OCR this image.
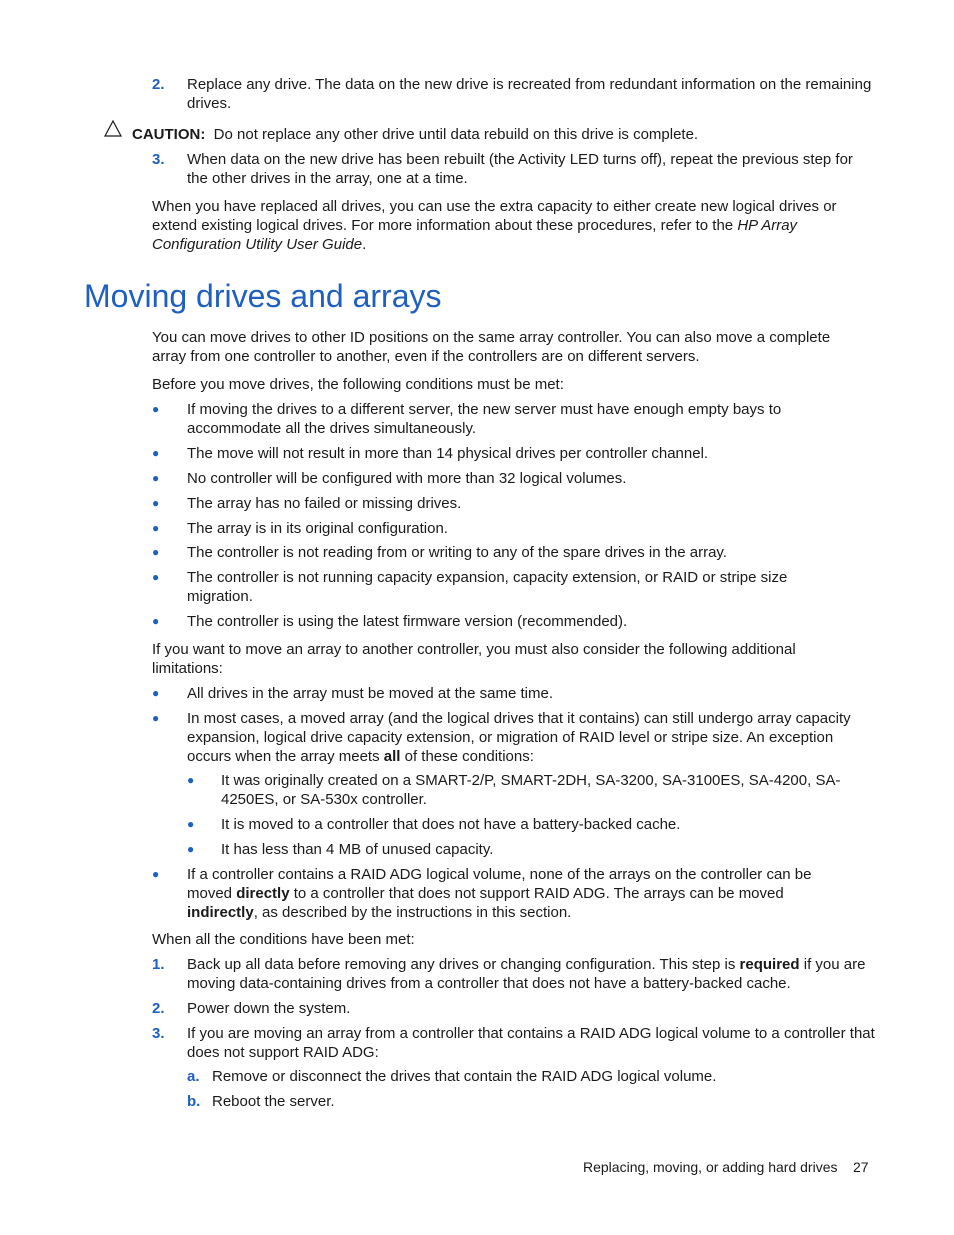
2. Replace any drive. The data on the new drive is recreated from redundant information on the remaining drives.
CAUTION: Do not replace any other drive until data rebuild on this drive is complete.
3. When data on the new drive has been rebuilt (the Activity LED turns off), repeat the previous step for the other drives in the array, one at a time.
When you have replaced all drives, you can use the extra capacity to either create new logical drives or extend existing logical drives. For more information about these procedures, refer to the HP Array Configuration Utility User Guide.
Moving drives and arrays
You can move drives to other ID positions on the same array controller. You can also move a complete array from one controller to another, even if the controllers are on different servers.
Before you move drives, the following conditions must be met:
● If moving the drives to a different server, the new server must have enough empty bays to accommodate all the drives simultaneously.
● The move will not result in more than 14 physical drives per controller channel.
● No controller will be configured with more than 32 logical volumes.
● The array has no failed or missing drives.
● The array is in its original configuration.
● The controller is not reading from or writing to any of the spare drives in the array.
● The controller is not running capacity expansion, capacity extension, or RAID or stripe size migration.
● The controller is using the latest firmware version (recommended).
If you want to move an array to another controller, you must also consider the following additional limitations:
● All drives in the array must be moved at the same time.
● In most cases, a moved array (and the logical drives that it contains) can still undergo array capacity expansion, logical drive capacity extension, or migration of RAID level or stripe size. An exception occurs when the array meets all of these conditions:
● It was originally created on a SMART-2/P, SMART-2DH, SA-3200, SA-3100ES, SA-4200, SA-4250ES, or SA-530x controller.
● It is moved to a controller that does not have a battery-backed cache.
● It has less than 4 MB of unused capacity.
● If a controller contains a RAID ADG logical volume, none of the arrays on the controller can be moved directly to a controller that does not support RAID ADG. The arrays can be moved indirectly, as described by the instructions in this section.
When all the conditions have been met:
1. Back up all data before removing any drives or changing configuration. This step is required if you are moving data-containing drives from a controller that does not have a battery-backed cache.
2. Power down the system.
3. If you are moving an array from a controller that contains a RAID ADG logical volume to a controller that does not support RAID ADG:
a. Remove or disconnect the drives that contain the RAID ADG logical volume.
b. Reboot the server.
Replacing, moving, or adding hard drives 27
